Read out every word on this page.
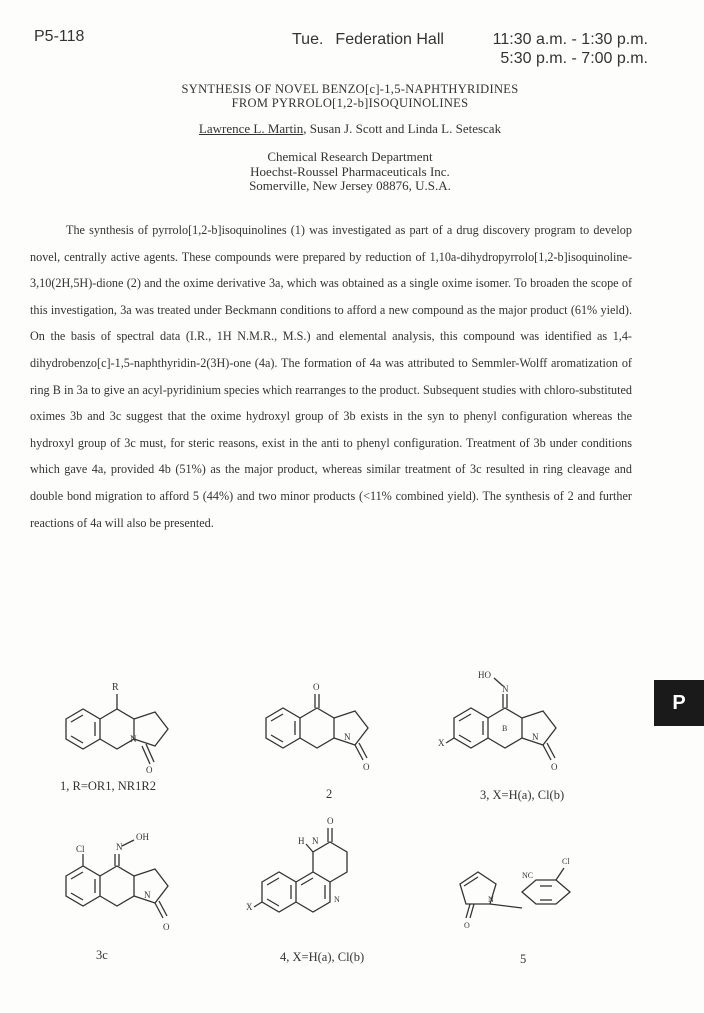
P5-118	Tue. Federation Hall	11:30 a.m. - 1:30 p.m.
5:30 p.m. - 7:00 p.m.
SYNTHESIS OF NOVEL BENZO[c]-1,5-NAPHTHYRIDINES
FROM PYRROLO[1,2-b]ISOQUINOLINES
Lawrence L. Martin, Susan J. Scott and Linda L. Setescak
Chemical Research Department
Hoechst-Roussel Pharmaceuticals Inc.
Somerville, New Jersey 08876, U.S.A.
The synthesis of pyrrolo[1,2-b]isoquinolines (1) was investigated as part of a drug discovery program to develop novel, centrally active agents. These compounds were prepared by reduction of 1,10a-dihydropyrrolo[1,2-b]isoquinoline-3,10(2H,5H)-dione (2) and the oxime derivative 3a, which was obtained as a single oxime isomer. To broaden the scope of this investigation, 3a was treated under Beckmann conditions to afford a new compound as the major product (61% yield). On the basis of spectral data (I.R., 1H N.M.R., M.S.) and elemental analysis, this compound was identified as 1,4-dihydrobenzo[c]-1,5-naphthyridin-2(3H)-one (4a). The formation of 4a was attributed to Semmler-Wolff aromatization of ring B in 3a to give an acyl-pyridinium species which rearranges to the product. Subsequent studies with chloro-substituted oximes 3b and 3c suggest that the oxime hydroxyl group of 3b exists in the syn to phenyl configuration whereas the hydroxyl group of 3c must, for steric reasons, exist in the anti to phenyl configuration. Treatment of 3b under conditions which gave 4a, provided 4b (51%) as the major product, whereas similar treatment of 3c resulted in ring cleavage and double bond migration to afford 5 (44%) and two minor products (<11% combined yield). The synthesis of 2 and further reactions of 4a will also be presented.
P
R
N
O
1, R=OR1, NR1R2
O
N
O
2
HO
N
B
X
N
O
3, X=H(a), Cl(b)
Cl
OH
N
N
O
3c
H N
O
X
N
4, X=H(a), Cl(b)
NC
Cl
N
O
5
